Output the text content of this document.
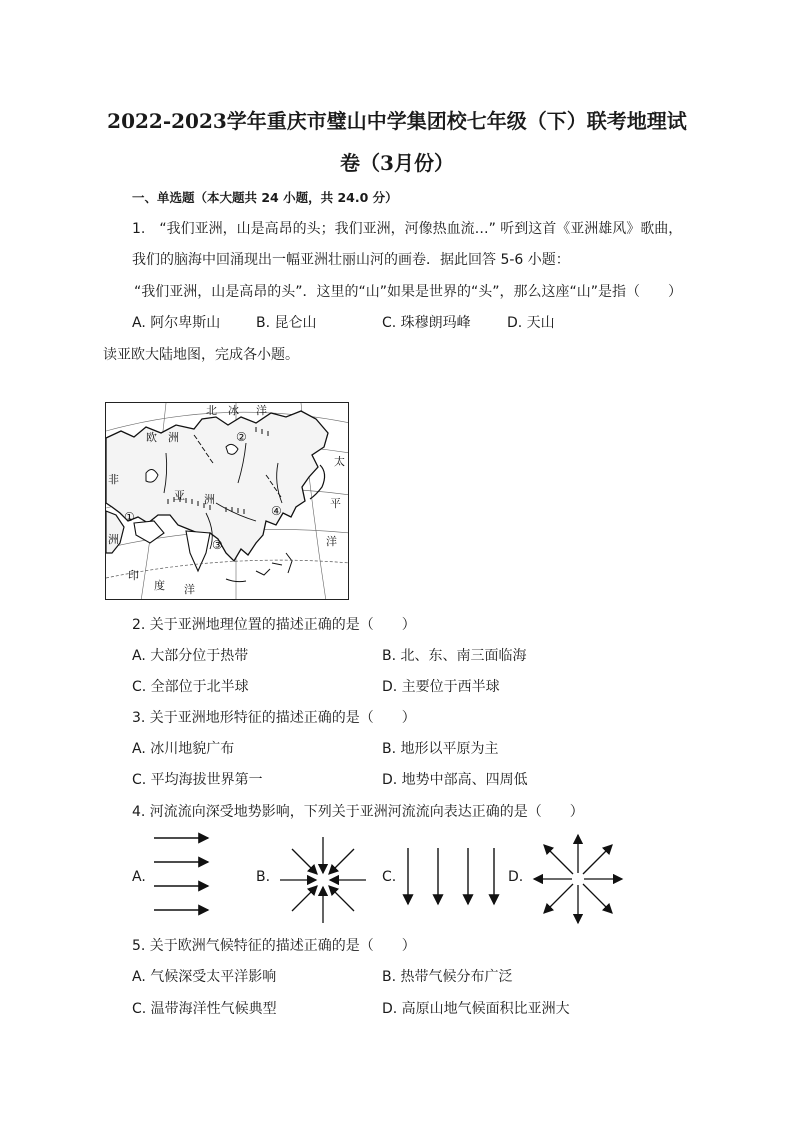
2022-2023学年重庆市璧山中学集团校七年级（下）联考地理试
卷（3月份）
一、单选题（本大题共 24 小题，共 24.0 分）
1.　“我们亚洲，山是高昂的头；我们亚洲，河像热血流…” 听到这首《亚洲雄风》歌曲，
我们的脑海中回涌现出一幅亚洲壮丽山河的画卷．据此回答 5-6 小题：
“我们亚洲，山是高昂的头”．这里的“山”如果是世界的“头”，那么这座“山”是指（　　）
A. 阿尔卑斯山	B. 昆仑山	C. 珠穆朗玛峰	D. 天山
读亚欧大陆地图，完成各小题。
①
②
③
④
北 冰 洋
欧 洲
非
洲
亚 洲
太
平
洋
印
度 洋
2. 关于亚洲地理位置的描述正确的是（　　）
A. 大部分位于热带	B. 北、东、南三面临海
C. 全部位于北半球	D. 主要位于西半球
3. 关于亚洲地形特征的描述正确的是（　　）
A. 冰川地貌广布	B. 地形以平原为主
C. 平均海拔世界第一	D. 地势中部高、四周低
4. 河流流向深受地势影响，下列关于亚洲河流流向表达正确的是（　　）
A.	B.	C.	D.
5. 关于欧洲气候特征的描述正确的是（　　）
A. 气候深受太平洋影响	B. 热带气候分布广泛
C. 温带海洋性气候典型	D. 高原山地气候面积比亚洲大
